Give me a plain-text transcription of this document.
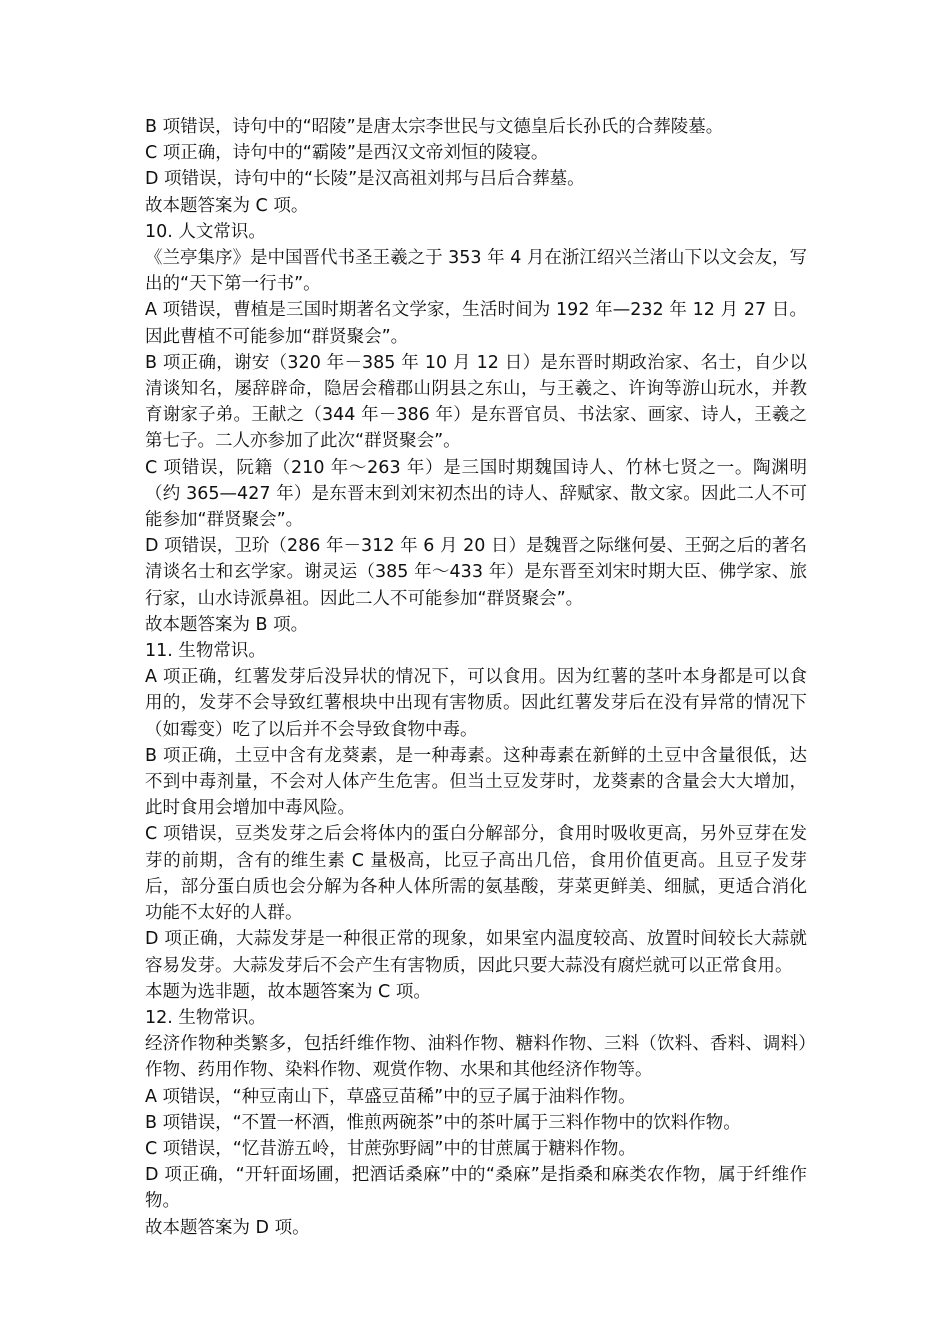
B 项错误，诗句中的“昭陵”是唐太宗李世民与文德皇后长孙氏的合葬陵墓。

C 项正确，诗句中的“霸陵”是西汉文帝刘恒的陵寝。

D 项错误，诗句中的“长陵”是汉高祖刘邦与吕后合葬墓。

故本题答案为 C 项。

10. 人文常识。

《兰亭集序》是中国晋代书圣王羲之于 353 年 4 月在浙江绍兴兰渚山下以文会友，写出的“天下第一行书”。

A 项错误，曹植是三国时期著名文学家，生活时间为 192 年—232 年 12 月 27 日。因此曹植不可能参加“群贤聚会”。

B 项正确，谢安（320 年－385 年 10 月 12 日）是东晋时期政治家、名士，自少以清谈知名，屡辞辟命，隐居会稽郡山阴县之东山，与王羲之、许询等游山玩水，并教育谢家子弟。王献之（344 年－386 年）是东晋官员、书法家、画家、诗人，王羲之第七子。二人亦参加了此次“群贤聚会”。

C 项错误，阮籍（210 年～263 年）是三国时期魏国诗人、竹林七贤之一。陶渊明（约 365—427 年）是东晋末到刘宋初杰出的诗人、辞赋家、散文家。因此二人不可能参加“群贤聚会”。

D 项错误，卫玠（286 年－312 年 6 月 20 日）是魏晋之际继何晏、王弼之后的著名清谈名士和玄学家。谢灵运（385 年～433 年）是东晋至刘宋时期大臣、佛学家、旅行家，山水诗派鼻祖。因此二人不可能参加“群贤聚会”。

故本题答案为 B 项。

11. 生物常识。

A 项正确，红薯发芽后没异状的情况下，可以食用。因为红薯的茎叶本身都是可以食用的，发芽不会导致红薯根块中出现有害物质。因此红薯发芽后在没有异常的情况下（如霉变）吃了以后并不会导致食物中毒。

B 项正确，土豆中含有龙葵素，是一种毒素。这种毒素在新鲜的土豆中含量很低，达不到中毒剂量，不会对人体产生危害。但当土豆发芽时，龙葵素的含量会大大增加，此时食用会增加中毒风险。

C 项错误，豆类发芽之后会将体内的蛋白分解部分，食用时吸收更高，另外豆芽在发芽的前期，含有的维生素 C 量极高，比豆子高出几倍，食用价值更高。且豆子发芽后，部分蛋白质也会分解为各种人体所需的氨基酸，芽菜更鲜美、细腻，更适合消化功能不太好的人群。

D 项正确，大蒜发芽是一种很正常的现象，如果室内温度较高、放置时间较长大蒜就容易发芽。大蒜发芽后不会产生有害物质，因此只要大蒜没有腐烂就可以正常食用。

本题为选非题，故本题答案为 C 项。

12. 生物常识。

经济作物种类繁多，包括纤维作物、油料作物、糖料作物、三料（饮料、香料、调料）作物、药用作物、染料作物、观赏作物、水果和其他经济作物等。

A 项错误，“种豆南山下，草盛豆苗稀”中的豆子属于油料作物。

B 项错误，“不置一杯酒，惟煎两碗茶”中的茶叶属于三料作物中的饮料作物。

C 项错误，“忆昔游五岭，甘蔗弥野阔”中的甘蔗属于糖料作物。

D 项正确，“开轩面场圃，把酒话桑麻”中的“桑麻”是指桑和麻类农作物，属于纤维作物。

故本题答案为 D 项。
